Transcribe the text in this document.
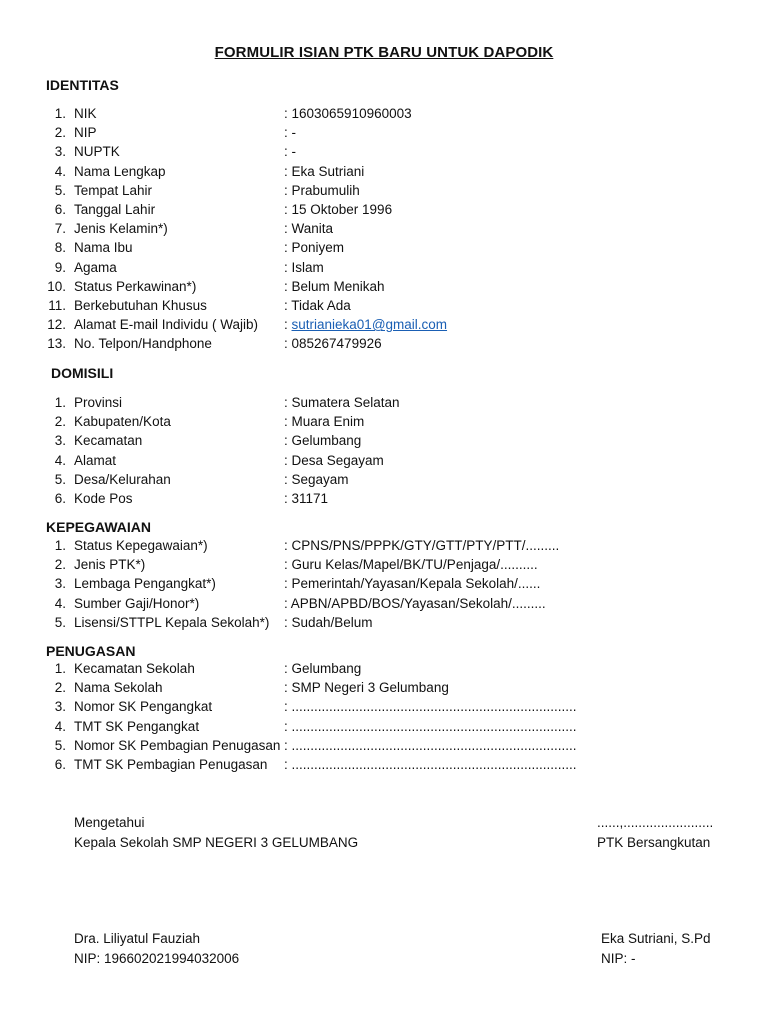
FORMULIR ISIAN PTK BARU UNTUK DAPODIK
IDENTITAS
1. NIK	: 1603065910960003
2. NIP	: -
3. NUPTK	: -
4. Nama Lengkap	: Eka Sutriani
5. Tempat Lahir	: Prabumulih
6. Tanggal Lahir	: 15 Oktober 1996
7. Jenis Kelamin*)	: Wanita
8. Nama Ibu	: Poniyem
9. Agama	: Islam
10. Status Perkawinan*)	: Belum Menikah
11. Berkebutuhan Khusus	: Tidak Ada
12. Alamat E-mail Individu ( Wajib) : sutrianieka01@gmail.com
13. No. Telpon/Handphone	: 085267479926
DOMISILI
1. Provinsi	: Sumatera Selatan
2. Kabupaten/Kota	: Muara Enim
3. Kecamatan	: Gelumbang
4. Alamat	: Desa Segayam
5. Desa/Kelurahan	: Segayam
6. Kode Pos	: 31171
KEPEGAWAIAN
1. Status Kepegawaian*)	: CPNS/PNS/PPPK/GTY/GTT/PTY/PTT/.........
2. Jenis PTK*)	: Guru Kelas/Mapel/BK/TU/Penjaga/..........
3. Lembaga Pengangkat*)	: Pemerintah/Yayasan/Kepala Sekolah/......
4. Sumber Gaji/Honor*)	: APBN/APBD/BOS/Yayasan/Sekolah/.........
5. Lisensi/STTPL Kepala Sekolah*) : Sudah/Belum
PENUGASAN
1. Kecamatan Sekolah	: Gelumbang
2. Nama Sekolah	: SMP Negeri 3 Gelumbang
3. Nomor SK Pengangkat	: ............................................................................
4. TMT SK Pengangkat	: ............................................................................
5. Nomor SK Pembagian Penugasan : ............................................................................
6. TMT SK Pembagian Penugasan : ............................................................................
Mengetahui
Kepala Sekolah SMP NEGERI 3 GELUMBANG
Dra. Liliyatul Fauziah
NIP: 196602021994032006
......,........................
PTK Bersangkutan
Eka Sutriani, S.Pd
NIP: -
